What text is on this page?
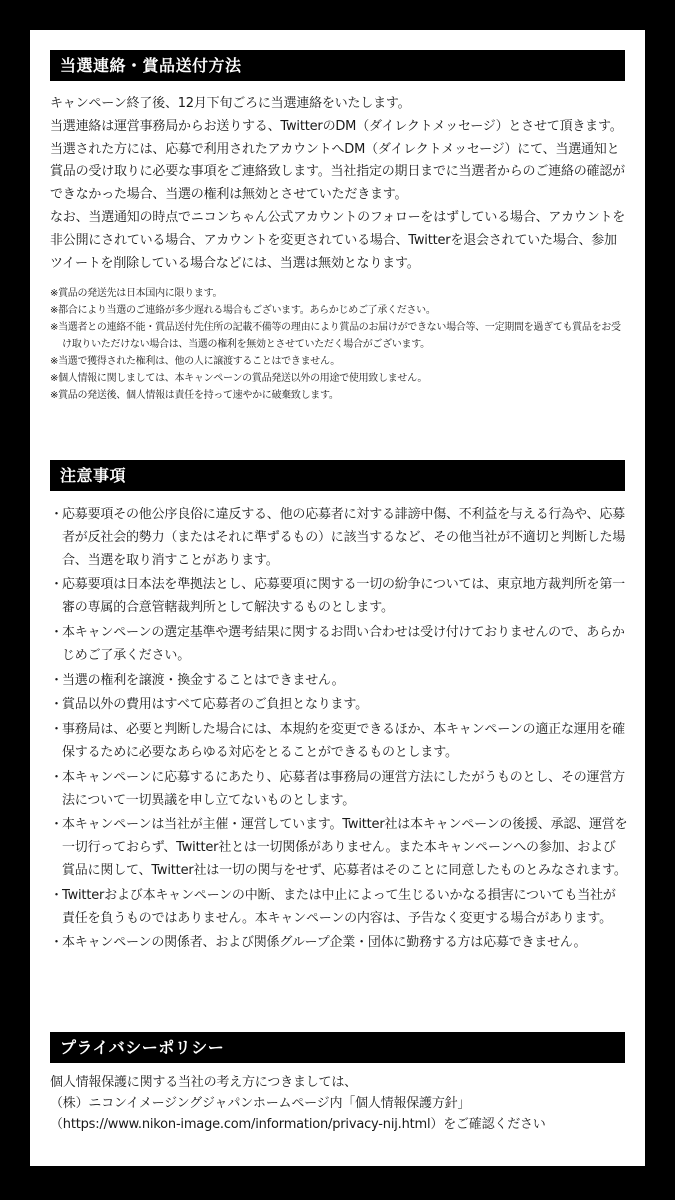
当選連絡・賞品送付方法

キャンペーン終了後、12月下旬ごろに当選連絡をいたします。

当選連絡は運営事務局からお送りする、TwitterのDM（ダイレクトメッセージ）とさせて頂きます。

当選された方には、応募で利用されたアカウントへDM（ダイレクトメッセージ）にて、当選通知と賞品の受け取りに必要な事項をご連絡致します。当社指定の期日までに当選者からのご連絡の確認ができなかった場合、当選の権利は無効とさせていただきます。

なお、当選通知の時点でニコンちゃん公式アカウントのフォローをはずしている場合、アカウントを非公開にされている場合、アカウントを変更されている場合、Twitterを退会されていた場合、参加ツイートを削除している場合などには、当選は無効となります。

※賞品の発送先は日本国内に限ります。
※都合により当選のご連絡が多少遅れる場合もございます。あらかじめご了承ください。
※当選者との連絡不能・賞品送付先住所の記載不備等の理由により賞品のお届けができない場合等、一定期間を過ぎても賞品をお受け取りいただけない場合は、当選の権利を無効とさせていただく場合がございます。
※当選で獲得された権利は、他の人に譲渡することはできません。
※個人情報に関しましては、本キャンペーンの賞品発送以外の用途で使用致しません。
※賞品の発送後、個人情報は責任を持って速やかに破棄致します。
注意事項
・ 応募要項その他公序良俗に違反する、他の応募者に対する誹謗中傷、不利益を与える行為や、応募者が反社会的勢力（またはそれに準ずるもの）に該当するなど、その他当社が不適切と判断した場合、当選を取り消すことがあります。
・ 応募要項は日本法を準拠法とし、応募要項に関する一切の紛争については、東京地方裁判所を第一審の専属的合意管轄裁判所として解決するものとします。
・ 本キャンペーンの選定基準や選考結果に関するお問い合わせは受け付けておりませんので、あらかじめご了承ください。
・ 当選の権利を譲渡・換金することはできません。
・ 賞品以外の費用はすべて応募者のご負担となります。
・ 事務局は、必要と判断した場合には、本規約を変更できるほか、本キャンペーンの適正な運用を確保するために必要なあらゆる対応をとることができるものとします。
・ 本キャンペーンに応募するにあたり、応募者は事務局の運営方法にしたがうものとし、その運営方法について一切異議を申し立てないものとします。
・ 本キャンペーンは当社が主催・運営しています。Twitter社は本キャンペーンの後援、承認、運営を一切行っておらず、Twitter社とは一切関係がありません。また本キャンペーンへの参加、および賞品に関して、Twitter社は一切の関与をせず、応募者はそのことに同意したものとみなされます。
・ Twitterおよび本キャンペーンの中断、または中止によって生じるいかなる損害についても当社が責任を負うものではありません。本キャンペーンの内容は、予告なく変更する場合があります。
・ 本キャンペーンの関係者、および関係グループ企業・団体に勤務する方は応募できません。
プライバシーポリシー

個人情報保護に関する当社の考え方につきましては、

（株）ニコンイメージングジャパンホームページ内「個人情報保護方針」

（https://www.nikon-image.com/information/privacy-nij.html）をご確認ください
